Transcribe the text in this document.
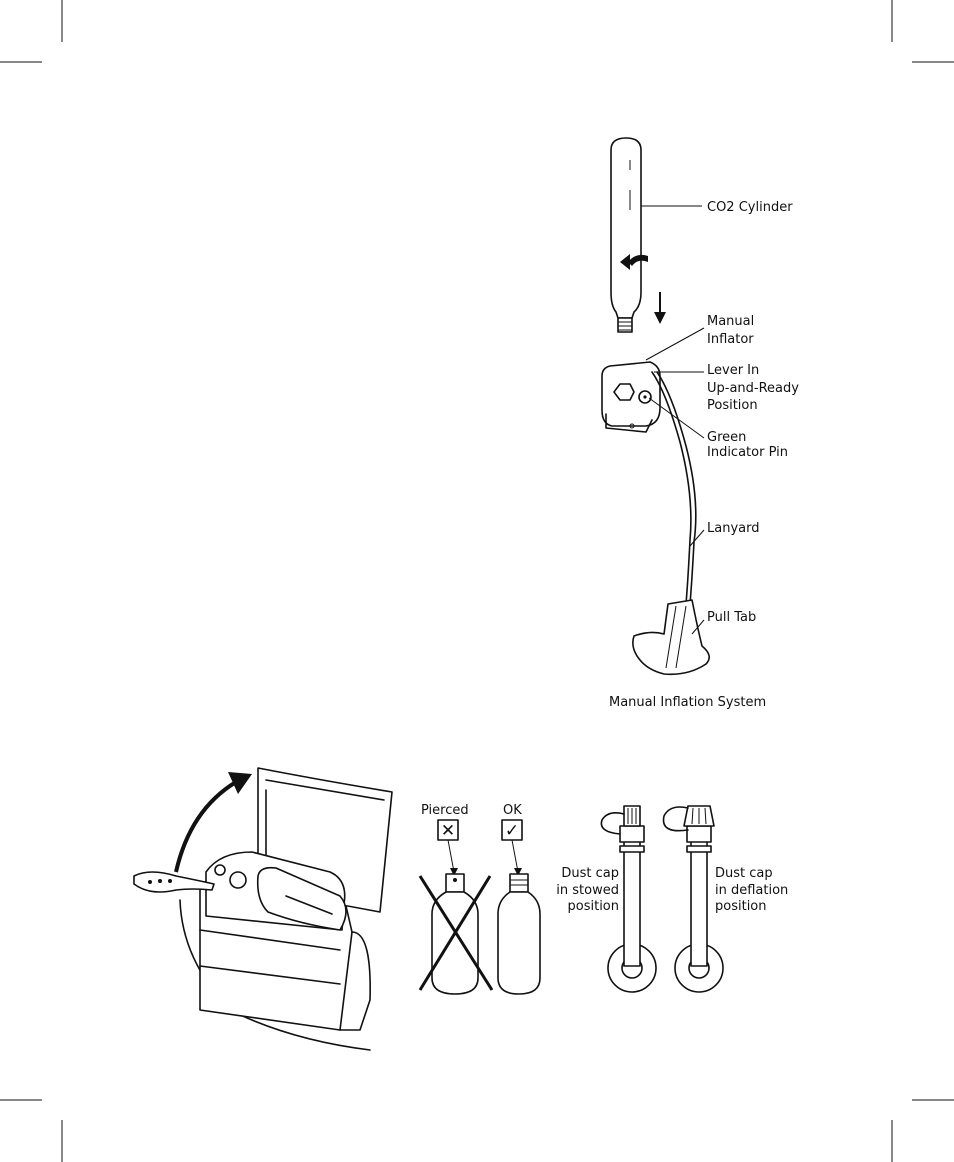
CO2 Cylinder
Manual
Inflator
Lever In
Up-and-Ready
Position
Green
Indicator Pin
Lanyard
Pull Tab
Manual Inflation System
Pierced	OK
✕	✓
Dust cap
in stowed
position
Dust cap
in deflation
position
